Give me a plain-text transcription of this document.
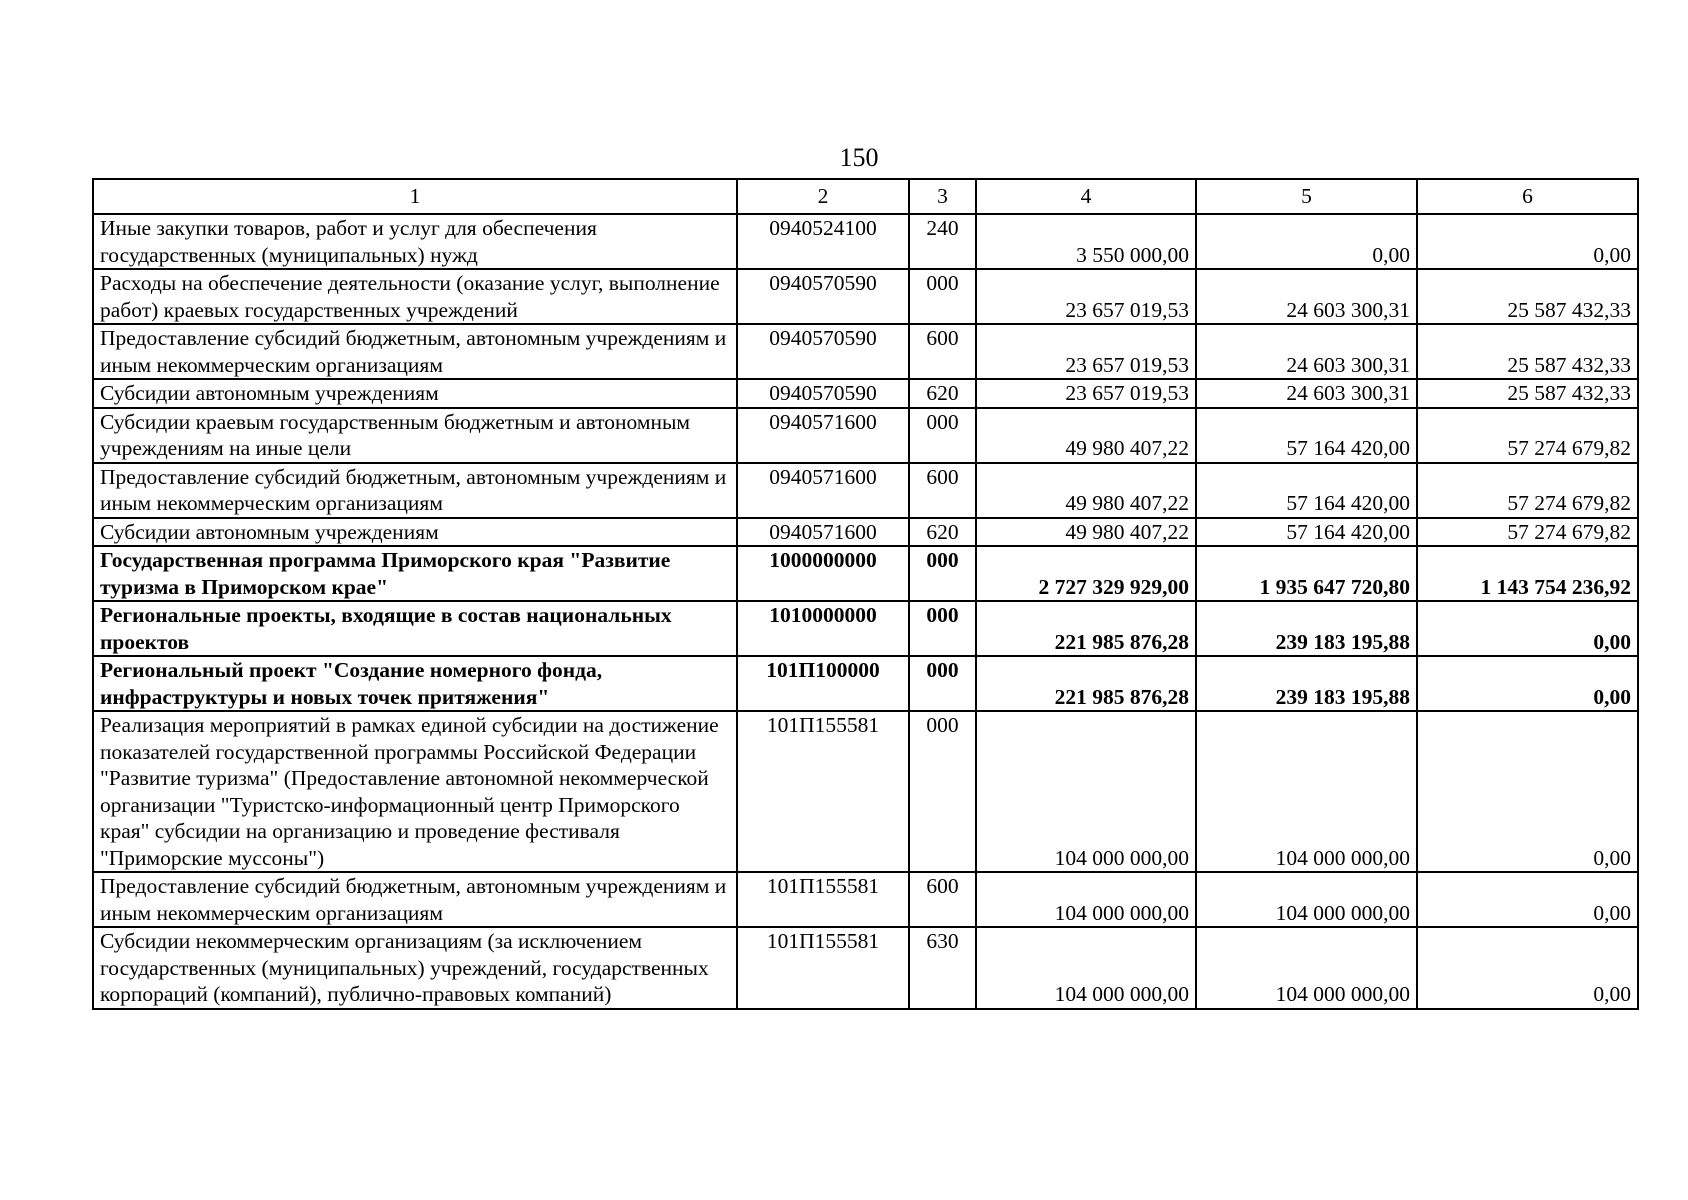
150
1	2	3	4	5	6
Иные закупки товаров, работ и услуг для обеспечения государственных (муниципальных) нужд	0940524100	240	3 550 000,00	0,00	0,00
Расходы на обеспечение деятельности (оказание услуг, выполнение работ) краевых государственных учреждений	0940570590	000	23 657 019,53	24 603 300,31	25 587 432,33
Предоставление субсидий бюджетным, автономным учреждениям и иным некоммерческим организациям	0940570590	600	23 657 019,53	24 603 300,31	25 587 432,33
Субсидии автономным учреждениям	0940570590	620	23 657 019,53	24 603 300,31	25 587 432,33
Субсидии краевым государственным бюджетным и автономным учреждениям на иные цели	0940571600	000	49 980 407,22	57 164 420,00	57 274 679,82
Предоставление субсидий бюджетным, автономным учреждениям и иным некоммерческим организациям	0940571600	600	49 980 407,22	57 164 420,00	57 274 679,82
Субсидии автономным учреждениям	0940571600	620	49 980 407,22	57 164 420,00	57 274 679,82
Государственная программа Приморского края "Развитие туризма в Приморском крае"	1000000000	000	2 727 329 929,00	1 935 647 720,80	1 143 754 236,92
Региональные проекты, входящие в состав национальных проектов	1010000000	000	221 985 876,28	239 183 195,88	0,00
Региональный проект "Создание номерного фонда, инфраструктуры и новых точек притяжения"	101П100000	000	221 985 876,28	239 183 195,88	0,00
Реализация мероприятий в рамках единой субсидии на достижение показателей государственной программы Российской Федерации "Развитие туризма" (Предоставление автономной некоммерческой организации "Туристско-информационный центр Приморского края" субсидии на организацию и проведение фестиваля "Приморские муссоны")	101П155581	000	104 000 000,00	104 000 000,00	0,00
Предоставление субсидий бюджетным, автономным учреждениям и иным некоммерческим организациям	101П155581	600	104 000 000,00	104 000 000,00	0,00
Субсидии некоммерческим организациям (за исключением государственных (муниципальных) учреждений, государственных корпораций (компаний), публично-правовых компаний)	101П155581	630	104 000 000,00	104 000 000,00	0,00
